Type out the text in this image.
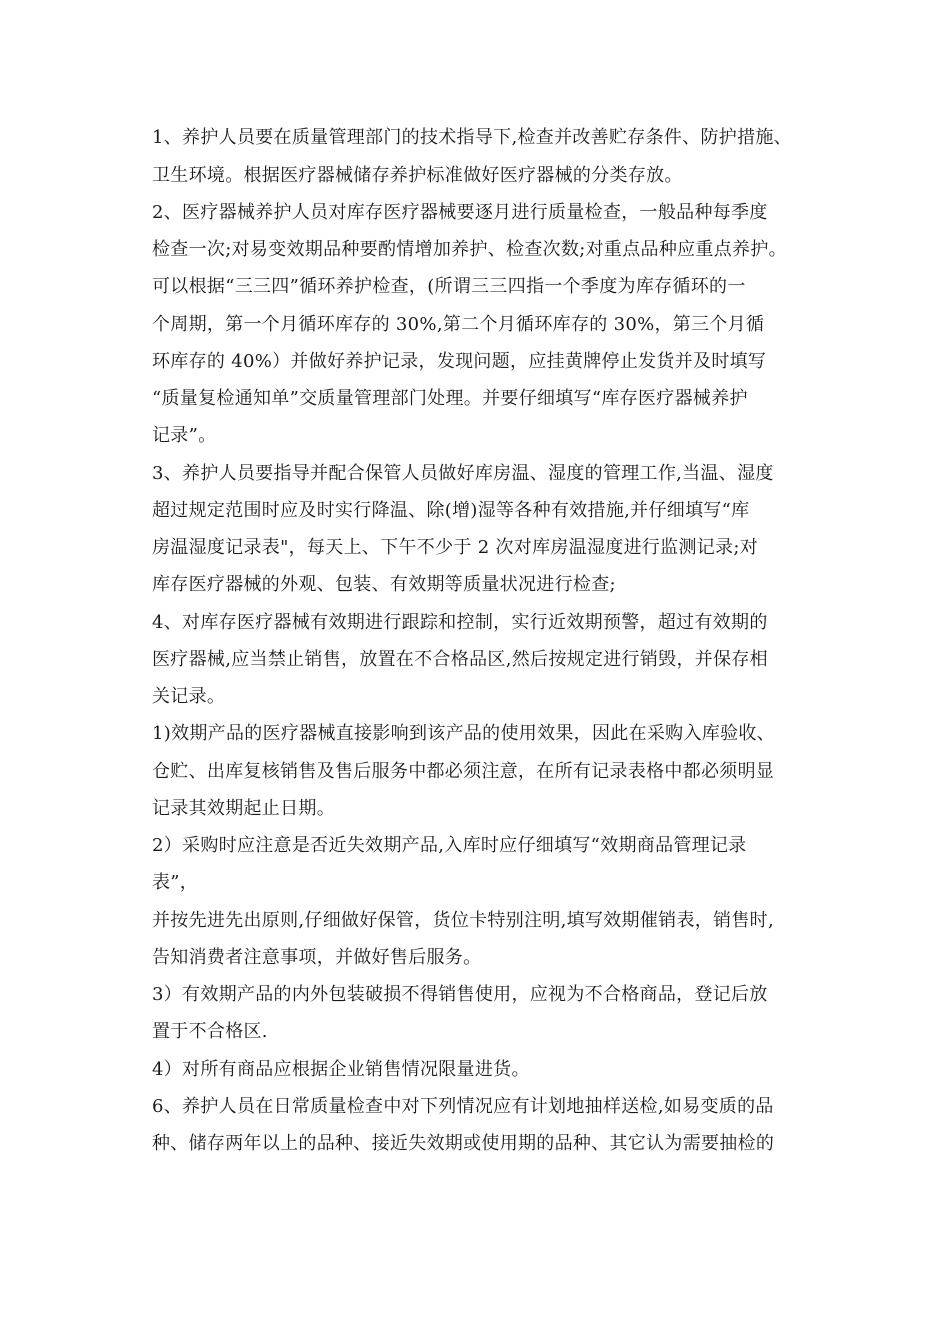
1、养护人员要在质量管理部门的技术指导下,检查并改善贮存条件、防护措施、
卫生环境。根据医疗器械储存养护标准做好医疗器械的分类存放。
2、医疗器械养护人员对库存医疗器械要逐月进行质量检查，一般品种每季度
检查一次;对易变效期品种要酌情增加养护、检查次数;对重点品种应重点养护。
可以根据“三三四”循环养护检查，(所谓三三四指一个季度为库存循环的一
个周期，第一个月循环库存的 30%,第二个月循环库存的 30%，第三个月循
环库存的 40%）并做好养护记录，发现问题，应挂黄牌停止发货并及时填写
“质量复检通知单”交质量管理部门处理。并要仔细填写“库存医疗器械养护
记录”。
3、养护人员要指导并配合保管人员做好库房温、湿度的管理工作,当温、湿度
超过规定范围时应及时实行降温、除(增)湿等各种有效措施,并仔细填写“库
房温湿度记录表"，每天上、下午不少于 2 次对库房温湿度进行监测记录;对
库存医疗器械的外观、包装、有效期等质量状况进行检查;
4、对库存医疗器械有效期进行跟踪和控制，实行近效期预警，超过有效期的
医疗器械,应当禁止销售，放置在不合格品区,然后按规定进行销毁，并保存相
关记录。
1)效期产品的医疗器械直接影响到该产品的使用效果，因此在采购入库验收、
仓贮、出库复核销售及售后服务中都必须注意，在所有记录表格中都必须明显
记录其效期起止日期。
2）采购时应注意是否近失效期产品,入库时应仔细填写“效期商品管理记录
表”，
并按先进先出原则,仔细做好保管，货位卡特别注明,填写效期催销表，销售时,
告知消费者注意事项，并做好售后服务。
3）有效期产品的内外包装破损不得销售使用，应视为不合格商品，登记后放
置于不合格区.
4）对所有商品应根据企业销售情况限量进货。
6、养护人员在日常质量检查中对下列情况应有计划地抽样送检,如易变质的品
种、储存两年以上的品种、接近失效期或使用期的品种、其它认为需要抽检的
